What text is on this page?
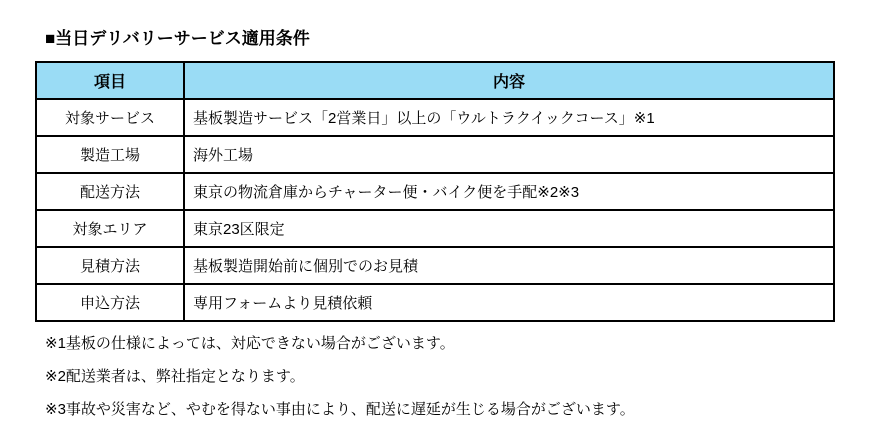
■当日デリバリーサービス適用条件
項目	内容
対象サービス	基板製造サービス「2営業日」以上の「ウルトラクイックコース」※1
製造工場	海外工場
配送方法	東京の物流倉庫からチャーター便・バイク便を手配※2※3
対象エリア	東京23区限定
見積方法	基板製造開始前に個別でのお見積
申込方法	専用フォームより見積依頼

※1基板の仕様によっては、対応できない場合がございます。

※2配送業者は、弊社指定となります。

※3事故や災害など、やむを得ない事由により、配送に遅延が生じる場合がございます。
